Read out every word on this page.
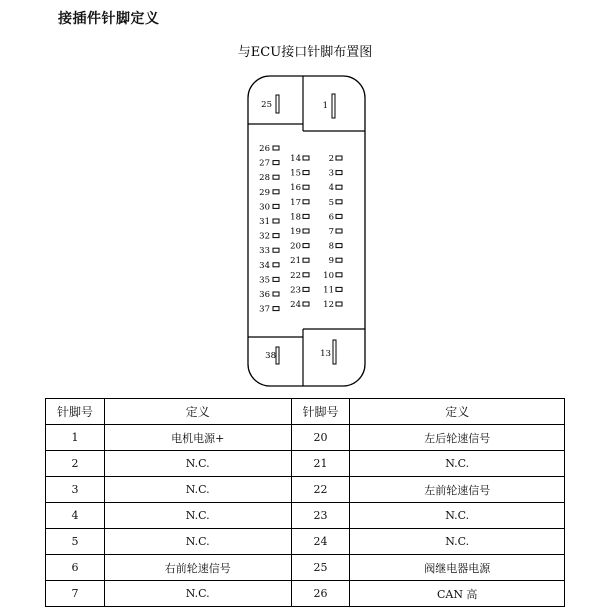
接插件针脚定义
与ECU接口针脚布置图
26
27
28
29
30
31
32
33
34
35
36
37
14
15
16
17
18
19
20
21
22
23
24
2
3
4
5
6
7
8
9
10
11
12
25	1
38	13
针脚号	定义	针脚号	定义
1	电机电源+	20	左后轮速信号
2	N.C.	21	N.C.
3	N.C.	22	左前轮速信号
4	N.C.	23	N.C.
5	N.C.	24	N.C.
6	右前轮速信号	25	阀继电器电源
7	N.C.	26	CAN 高
